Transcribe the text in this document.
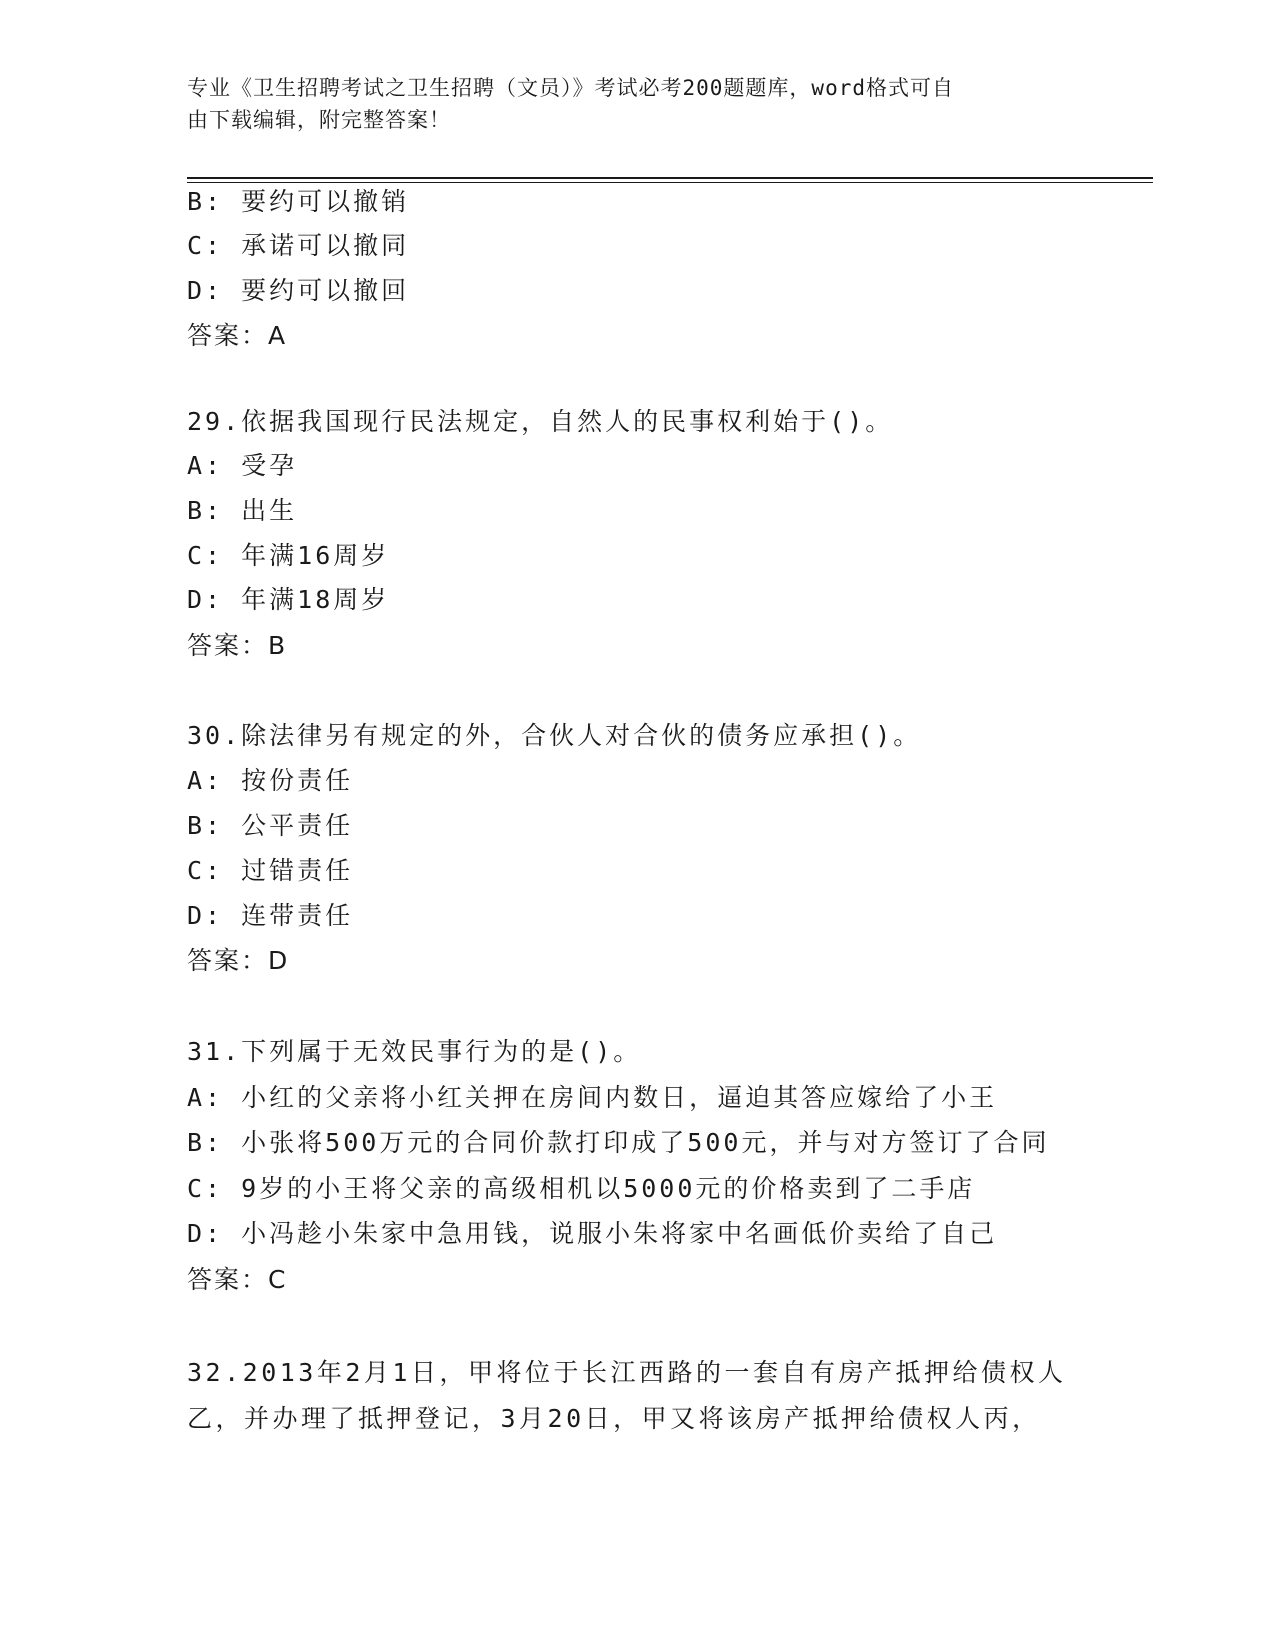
专业《卫生招聘考试之卫生招聘（文员）》考试必考200题题库，word格式可自
由下载编辑，附完整答案！
B: 要约可以撤销
C: 承诺可以撤同
D: 要约可以撤回
答案：A
29.依据我国现行民法规定，自然人的民事权利始于()。
A: 受孕
B: 出生
C: 年满16周岁
D: 年满18周岁
答案：B
30.除法律另有规定的外，合伙人对合伙的债务应承担()。
A: 按份责任
B: 公平责任
C: 过错责任
D: 连带责任
答案：D
31.下列属于无效民事行为的是()。
A: 小红的父亲将小红关押在房间内数日，逼迫其答应嫁给了小王
B: 小张将500万元的合同价款打印成了500元，并与对方签订了合同
C: 9岁的小王将父亲的高级相机以5000元的价格卖到了二手店
D: 小冯趁小朱家中急用钱，说服小朱将家中名画低价卖给了自己
答案：C
32.2013年2月1日，甲将位于长江西路的一套自有房产抵押给债权人
乙，并办理了抵押登记，3月20日，甲又将该房产抵押给债权人丙，
